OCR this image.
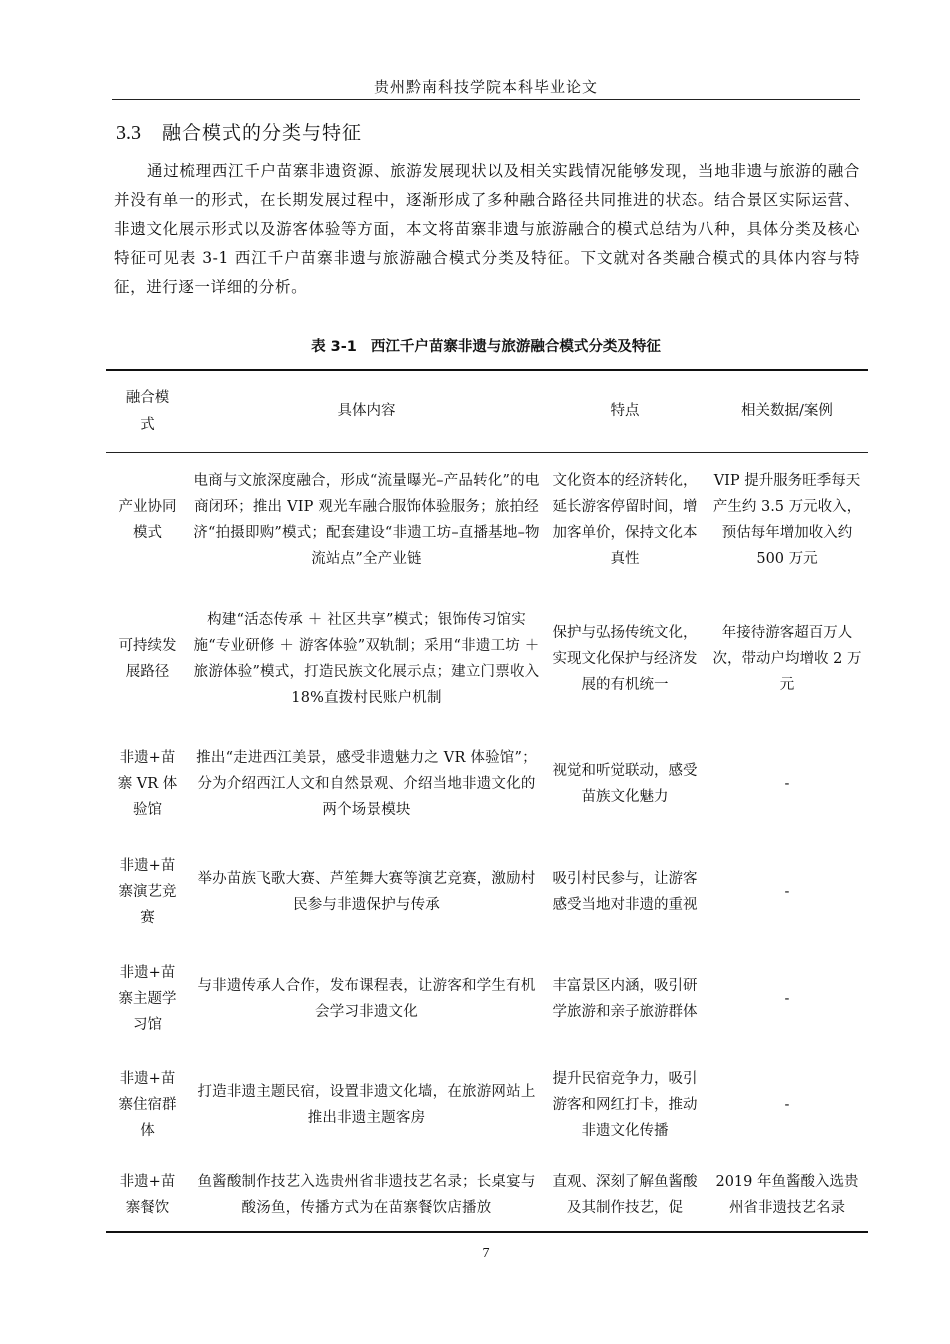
贵州黔南科技学院本科毕业论文
3.3 融合模式的分类与特征
通过梳理西江千户苗寨非遗资源、旅游发展现状以及相关实践情况能够发现，当地非遗与旅游的融合并没有单一的形式，在长期发展过程中，逐渐形成了多种融合路径共同推进的状态。结合景区实际运营、非遗文化展示形式以及游客体验等方面，本文将苗寨非遗与旅游融合的模式总结为八种，具体分类及核心特征可见表 3-1 西江千户苗寨非遗与旅游融合模式分类及特征。下文就对各类融合模式的具体内容与特征，进行逐一详细的分析。
表 3-1 西江千户苗寨非遗与旅游融合模式分类及特征
融合模式	具体内容	特点	相关数据/案例

产业协同模式	电商与文旅深度融合，形成“流量曝光–产品转化”的电商闭环；推出 VIP 观光车融合服饰体验服务；旅拍经济“拍摄即购”模式；配套建设“非遗工坊–直播基地–物流站点”全产业链	文化资本的经济转化，延长游客停留时间，增加客单价，保持文化本真性	VIP 提升服务旺季每天产生约 3.5 万元收入，预估每年增加收入约 500 万元

可持续发展路径	构建“活态传承 ＋ 社区共享”模式；银饰传习馆实施“专业研修 ＋ 游客体验”双轨制；采用“非遗工坊 ＋ 旅游体验”模式，打造民族文化展示点；建立门票收入 18%直拨村民账户机制	保护与弘扬传统文化，实现文化保护与经济发展的有机统一	年接待游客超百万人次，带动户均增收 2 万元

非遗+苗寨 VR 体验馆	推出“走进西江美景，感受非遗魅力之 VR 体验馆”；分为介绍西江人文和自然景观、介绍当地非遗文化的两个场景模块	视觉和听觉联动，感受苗族文化魅力	-

非遗+苗寨演艺竞赛	举办苗族飞歌大赛、芦笙舞大赛等演艺竞赛，激励村民参与非遗保护与传承	吸引村民参与，让游客感受当地对非遗的重视	-

非遗+苗寨主题学习馆	与非遗传承人合作，发布课程表，让游客和学生有机会学习非遗文化	丰富景区内涵，吸引研学旅游和亲子旅游群体	-

非遗+苗寨住宿群体	打造非遗主题民宿，设置非遗文化墙，在旅游网站上推出非遗主题客房	提升民宿竞争力，吸引游客和网红打卡，推动非遗文化传播	-

非遗+苗寨餐饮	鱼酱酸制作技艺入选贵州省非遗技艺名录；长桌宴与酸汤鱼，传播方式为在苗寨餐饮店播放	直观、深刻了解鱼酱酸及其制作技艺，促	2019 年鱼酱酸入选贵州省非遗技艺名录
7
